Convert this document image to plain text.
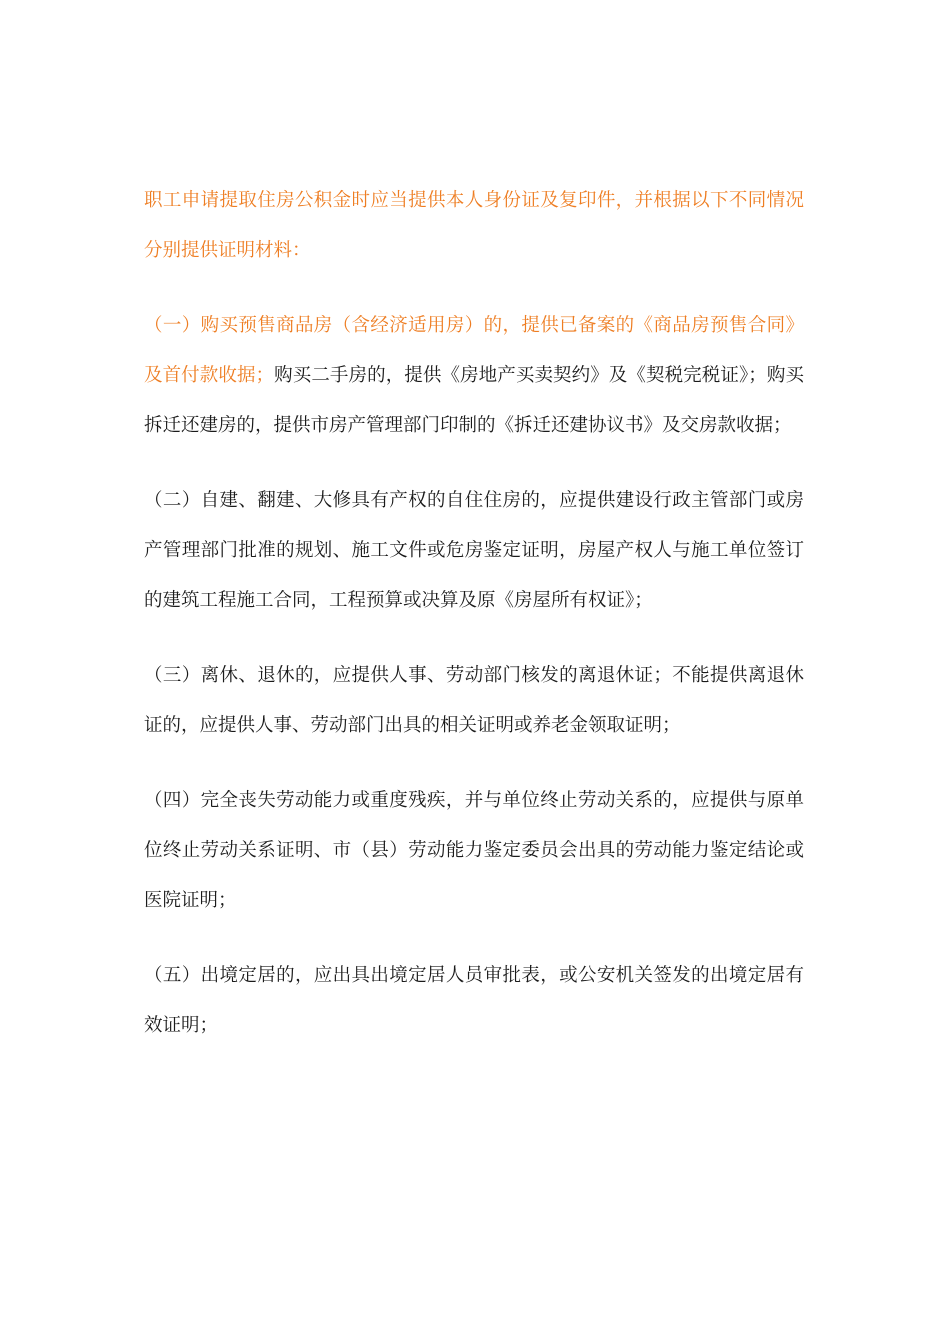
职工申请提取住房公积金时应当提供本人身份证及复印件，并根据以下不同情况分别提供证明材料：

（一）购买预售商品房（含经济适用房）的，提供已备案的《商品房预售合同》及首付款收据；购买二手房的，提供《房地产买卖契约》及《契税完税证》；购买拆迁还建房的，提供市房产管理部门印制的《拆迁还建协议书》及交房款收据；

（二）自建、翻建、大修具有产权的自住住房的，应提供建设行政主管部门或房产管理部门批准的规划、施工文件或危房鉴定证明，房屋产权人与施工单位签订的建筑工程施工合同，工程预算或决算及原《房屋所有权证》；

（三）离休、退休的，应提供人事、劳动部门核发的离退休证；不能提供离退休证的，应提供人事、劳动部门出具的相关证明或养老金领取证明；

（四）完全丧失劳动能力或重度残疾，并与单位终止劳动关系的，应提供与原单位终止劳动关系证明、市（县）劳动能力鉴定委员会出具的劳动能力鉴定结论或医院证明；

（五）出境定居的，应出具出境定居人员审批表，或公安机关签发的出境定居有效证明；
